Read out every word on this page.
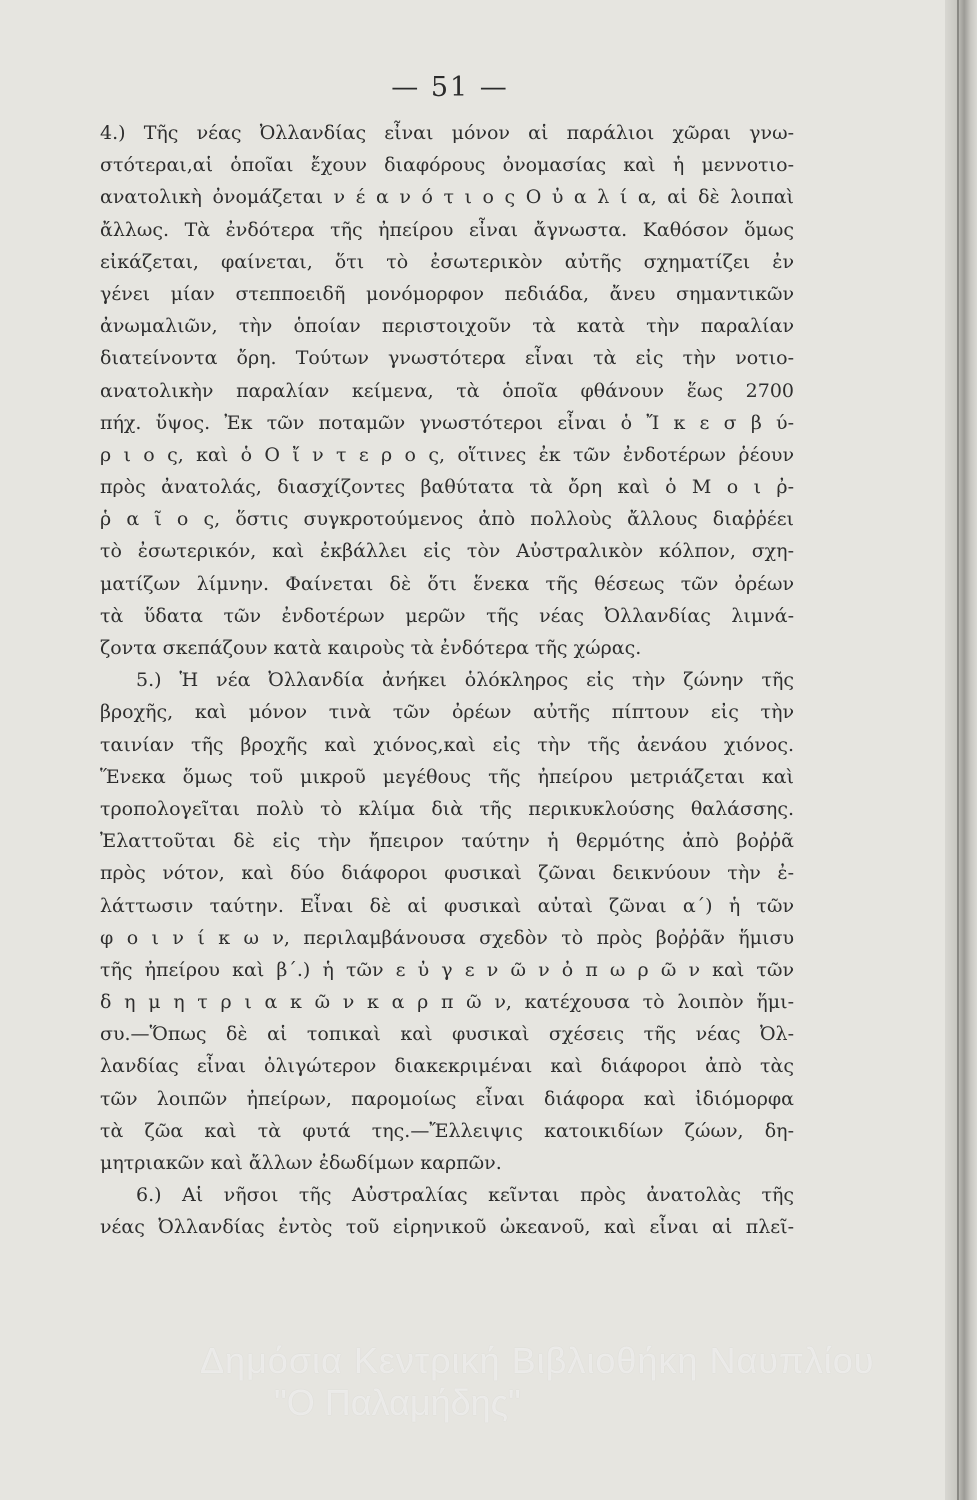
— 51 —
4.) Τῆς νέας Ὀλλανδίας εἶναι μόνον αἱ παράλιοι χῶραι γνω-
στότεραι,αἱ ὁποῖαι ἔχουν διαφόρους ὀνομασίας καὶ ἡ μεννοτιο-
ανατολικὴ ὀνομάζεται ν έ α ν ό τ ι ο ς Ο ὐ α λ ί α, αἱ δὲ λοιπαὶ
ἄλλως. Τὰ ἐνδότερα τῆς ἠπείρου εἶναι ἄγνωστα. Καθόσον ὅμως
εἰκάζεται, φαίνεται, ὅτι τὸ ἐσωτερικὸν αὐτῆς σχηματίζει ἐν
γένει μίαν στεπποειδῆ μονόμορφον πεδιάδα, ἄνευ σημαντικῶν
ἀνωμαλιῶν, τὴν ὁποίαν περιστοιχοῦν τὰ κατὰ τὴν παραλίαν
διατείνοντα ὄρη. Τούτων γνωστότερα εἶναι τὰ εἰς τὴν νοτιο-
ανατολικὴν παραλίαν κείμενα, τὰ ὁποῖα φθάνουν ἕως 2700
πήχ. ὕψος. Ἐκ τῶν ποταμῶν γνωστότεροι εἶναι ὁ Ἴ κ ε σ β ύ-
ρ ι ο ς, καὶ ὁ Ο ἴ ν τ ε ρ ο ς, οἵτινες ἐκ τῶν ἐνδοτέρων ῥέουν
πρὸς ἀνατολάς, διασχίζοντες βαθύτατα τὰ ὄρη καὶ ὁ Μ ο ι ῤ-
ῥ α ῖ ο ς, ὅστις συγκροτούμενος ἀπὸ πολλοὺς ἄλλους διαῤῥέει
τὸ ἐσωτερικόν, καὶ ἐκβάλλει εἰς τὸν Αὐστραλικὸν κόλπον, σχη-
ματίζων λίμνην. Φαίνεται δὲ ὅτι ἕνεκα τῆς θέσεως τῶν ὀρέων
τὰ ὕδατα τῶν ἐνδοτέρων μερῶν τῆς νέας Ὀλλανδίας λιμνά-
ζοντα σκεπάζουν κατὰ καιροὺς τὰ ἐνδότερα τῆς χώρας.
5.) Ἡ νέα Ὀλλανδία ἀνήκει ὁλόκληρος εἰς τὴν ζώνην τῆς
βροχῆς, καὶ μόνον τινὰ τῶν ὀρέων αὐτῆς πίπτουν εἰς τὴν
ταινίαν τῆς βροχῆς καὶ χιόνος,καὶ εἰς τὴν τῆς ἀενάου χιόνος.
Ἕνεκα ὅμως τοῦ μικροῦ μεγέθους τῆς ἠπείρου μετριάζεται καὶ
τροπολογεῖται πολὺ τὸ κλίμα διὰ τῆς περικυκλούσης θαλάσσης.
Ἐλαττοῦται δὲ εἰς τὴν ἤπειρον ταύτην ἡ θερμότης ἀπὸ βοῤῥᾶ
πρὸς νότον, καὶ δύο διάφοροι φυσικαὶ ζῶναι δεικνύουν τὴν ἐ-
λάττωσιν ταύτην. Εἶναι δὲ αἱ φυσικαὶ αὐταὶ ζῶναι α΄) ἡ τῶν
φ ο ι ν ί κ ω ν, περιλαμβάνουσα σχεδὸν τὸ πρὸς βοῤῥᾶν ἥμισυ
τῆς ἠπείρου καὶ β΄.) ἡ τῶν ε ὐ γ ε ν ῶ ν ὀ π ω ρ ῶ ν καὶ τῶν
δ η μ η τ ρ ι α κ ῶ ν κ α ρ π ῶ ν, κατέχουσα τὸ λοιπὸν ἥμι-
συ.—Ὅπως δὲ αἱ τοπικαὶ καὶ φυσικαὶ σχέσεις τῆς νέας Ὀλ-
λανδίας εἶναι ὀλιγώτερον διακεκριμέναι καὶ διάφοροι ἀπὸ τὰς
τῶν λοιπῶν ἠπείρων, παρομοίως εἶναι διάφορα καὶ ἰδιόμορφα
τὰ ζῶα καὶ τὰ φυτά της.—Ἔλλειψις κατοικιδίων ζώων, δη-
μητριακῶν καὶ ἄλλων ἐδωδίμων καρπῶν.
6.) Αἱ νῆσοι τῆς Αὐστραλίας κεῖνται πρὸς ἀνατολὰς τῆς
νέας Ὀλλανδίας ἐντὸς τοῦ εἰρηνικοῦ ὠκεανοῦ, καὶ εἶναι αἱ πλεῖ-
Δημόσια Κεντρική Βιβλιοθήκη Ναυπλίου
"Ο Παλαμήδης"
